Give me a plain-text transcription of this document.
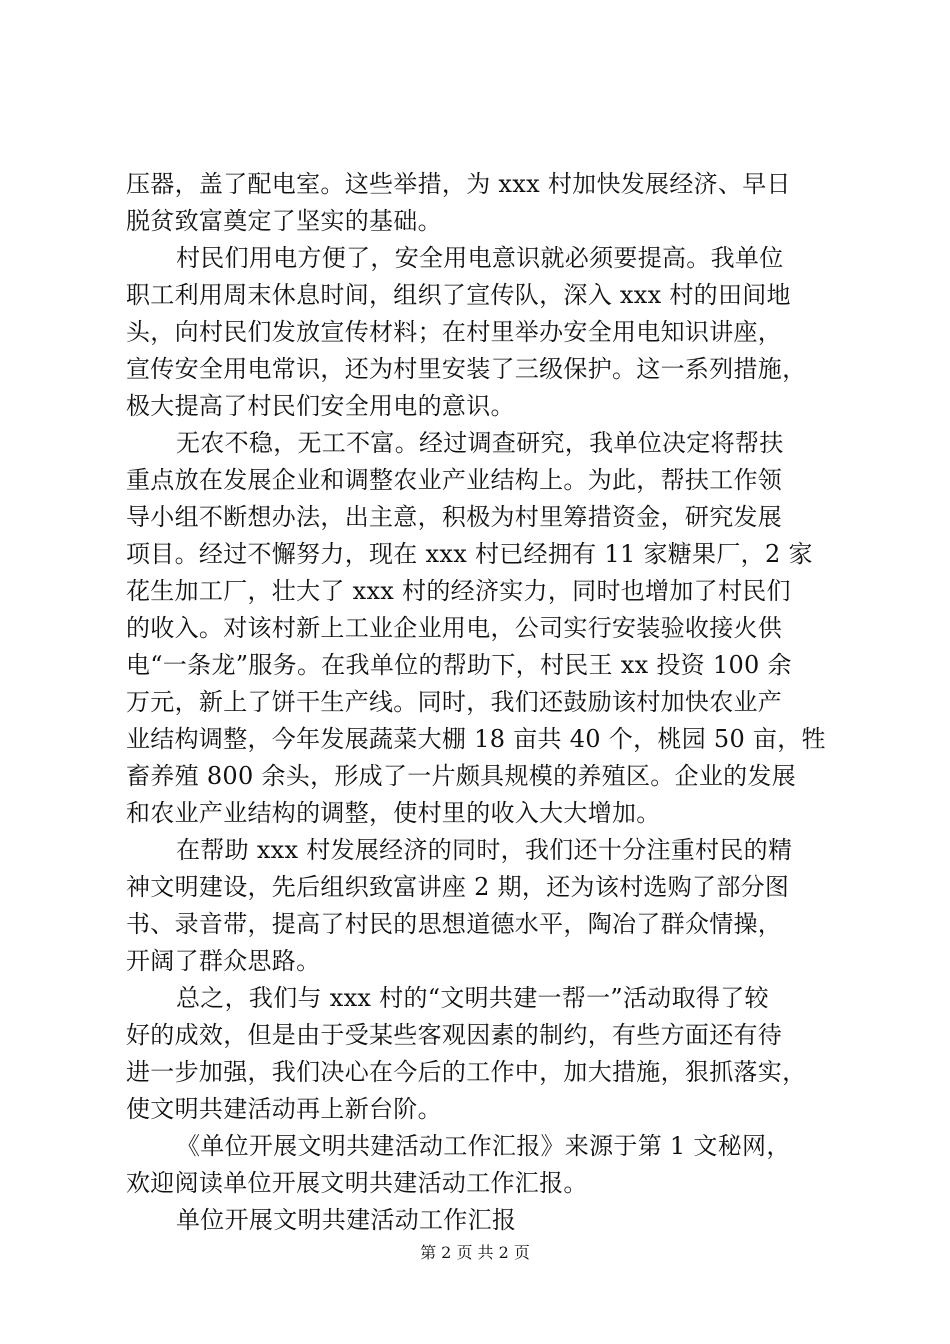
压器，盖了配电室。这些举措，为 xxx 村加快发展经济、早日
脱贫致富奠定了坚实的基础。
村民们用电方便了，安全用电意识就必须要提高。我单位
职工利用周末休息时间，组织了宣传队，深入 xxx 村的田间地
头，向村民们发放宣传材料；在村里举办安全用电知识讲座，
宣传安全用电常识，还为村里安装了三级保护。这一系列措施，
极大提高了村民们安全用电的意识。
无农不稳，无工不富。经过调查研究，我单位决定将帮扶
重点放在发展企业和调整农业产业结构上。为此，帮扶工作领
导小组不断想办法，出主意，积极为村里筹措资金，研究发展
项目。经过不懈努力，现在 xxx 村已经拥有 11 家糖果厂，2 家
花生加工厂，壮大了 xxx 村的经济实力，同时也增加了村民们
的收入。对该村新上工业企业用电，公司实行安装验收接火供
电“一条龙”服务。在我单位的帮助下，村民王 xx 投资 100 余
万元，新上了饼干生产线。同时，我们还鼓励该村加快农业产
业结构调整，今年发展蔬菜大棚 18 亩共 40 个，桃园 50 亩，牲
畜养殖 800 余头，形成了一片颇具规模的养殖区。企业的发展
和农业产业结构的调整，使村里的收入大大增加。
在帮助 xxx 村发展经济的同时，我们还十分注重村民的精
神文明建设，先后组织致富讲座 2 期，还为该村选购了部分图
书、录音带，提高了村民的思想道德水平，陶冶了群众情操，
开阔了群众思路。
总之，我们与 xxx 村的“文明共建一帮一”活动取得了较
好的成效，但是由于受某些客观因素的制约，有些方面还有待
进一步加强，我们决心在今后的工作中，加大措施，狠抓落实，
使文明共建活动再上新台阶。
《单位开展文明共建活动工作汇报》来源于第 1 文秘网，
欢迎阅读单位开展文明共建活动工作汇报。
单位开展文明共建活动工作汇报
第 2 页 共 2 页
